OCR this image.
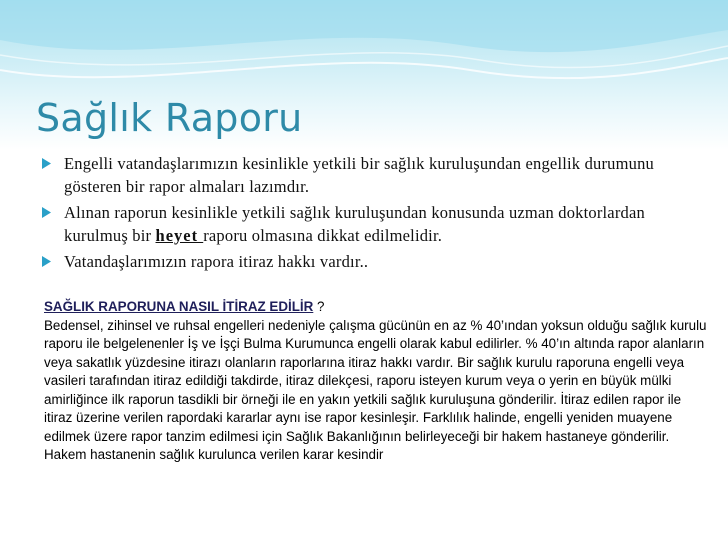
Sağlık Raporu
Engelli vatandaşlarımızın kesinlikle yetkili bir sağlık kuruluşundan engellik durumunu gösteren bir rapor almaları lazımdır.
Alınan raporun kesinlikle yetkili sağlık kuruluşundan konusunda uzman doktorlardan kurulmuş bir heyet raporu olmasına dikkat edilmelidir.
Vatandaşlarımızın rapora itiraz hakkı vardır..

SAĞLIK RAPORUNA NASIL İTİRAZ EDİLİR ?

Bedensel, zihinsel ve ruhsal engelleri nedeniyle çalışma gücünün en az % 40’ından yoksun olduğu sağlık kurulu raporu ile belgelenenler İş ve İşçi Bulma Kurumunca engelli olarak kabul edilirler. % 40’ın altında rapor alanların veya sakatlık yüzdesine itirazı olanların raporlarına itiraz hakkı vardır. Bir sağlık kurulu raporuna engelli veya vasileri tarafından itiraz edildiği takdirde, itiraz dilekçesi, raporu isteyen kurum veya o yerin en büyük mülki amirliğince ilk raporun tasdikli bir örneği ile en yakın yetkili sağlık kuruluşuna gönderilir. İtiraz edilen rapor ile itiraz üzerine verilen rapordaki kararlar aynı ise rapor kesinleşir. Farklılık halinde, engelli yeniden muayene edilmek üzere rapor tanzim edilmesi için Sağlık Bakanlığının belirleyeceği bir hakem hastaneye gönderilir. Hakem hastanenin sağlık kurulunca verilen karar kesindir
